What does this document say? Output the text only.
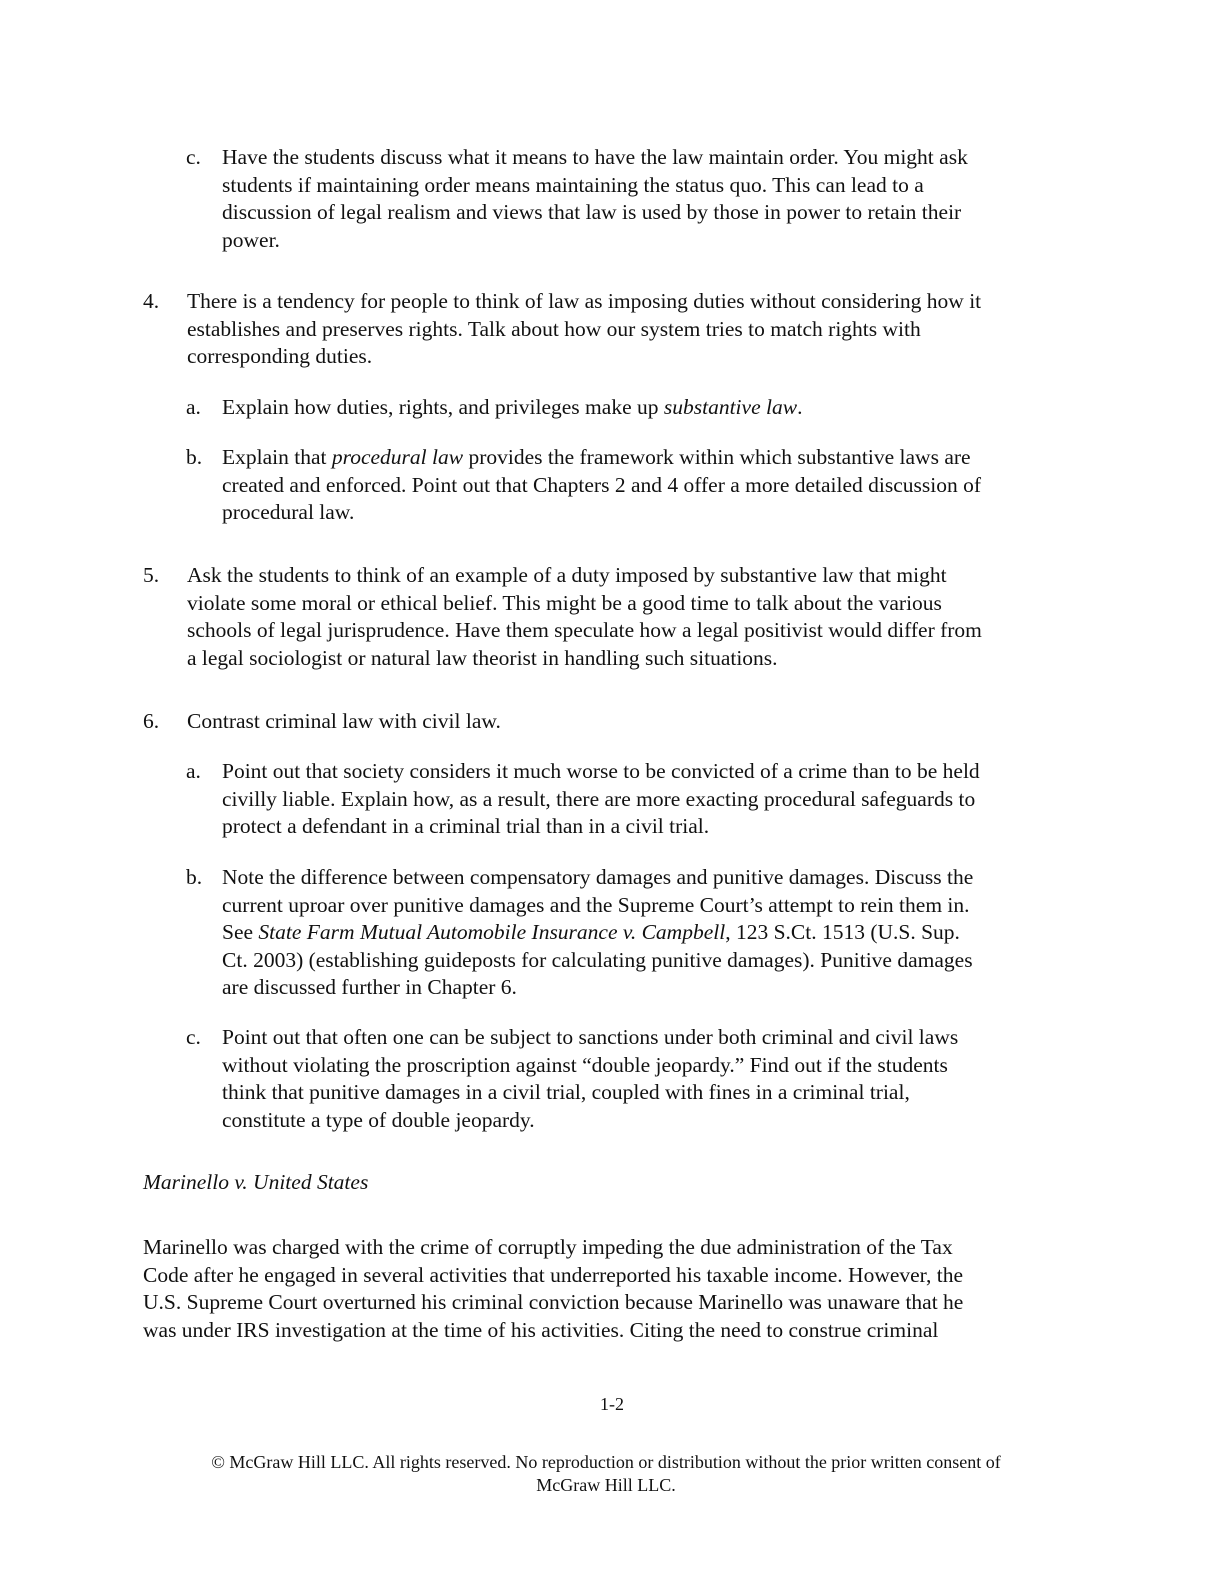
c. Have the students discuss what it means to have the law maintain order. You might ask
students if maintaining order means maintaining the status quo. This can lead to a
discussion of legal realism and views that law is used by those in power to retain their
power.
4. There is a tendency for people to think of law as imposing duties without considering how it
establishes and preserves rights. Talk about how our system tries to match rights with
corresponding duties.
a. Explain how duties, rights, and privileges make up substantive law.
b. Explain that procedural law provides the framework within which substantive laws are
created and enforced. Point out that Chapters 2 and 4 offer a more detailed discussion of
procedural law.
5. Ask the students to think of an example of a duty imposed by substantive law that might
violate some moral or ethical belief. This might be a good time to talk about the various
schools of legal jurisprudence. Have them speculate how a legal positivist would differ from
a legal sociologist or natural law theorist in handling such situations.
6. Contrast criminal law with civil law.
a. Point out that society considers it much worse to be convicted of a crime than to be held
civilly liable. Explain how, as a result, there are more exacting procedural safeguards to
protect a defendant in a criminal trial than in a civil trial.
b. Note the difference between compensatory damages and punitive damages. Discuss the
current uproar over punitive damages and the Supreme Court’s attempt to rein them in.
See State Farm Mutual Automobile Insurance v. Campbell, 123 S.Ct. 1513 (U.S. Sup.
Ct. 2003) (establishing guideposts for calculating punitive damages). Punitive damages
are discussed further in Chapter 6.
c. Point out that often one can be subject to sanctions under both criminal and civil laws
without violating the proscription against “double jeopardy.” Find out if the students
think that punitive damages in a civil trial, coupled with fines in a criminal trial,
constitute a type of double jeopardy.
Marinello v. United States
Marinello was charged with the crime of corruptly impeding the due administration of the Tax
Code after he engaged in several activities that underreported his taxable income. However, the
U.S. Supreme Court overturned his criminal conviction because Marinello was unaware that he
was under IRS investigation at the time of his activities. Citing the need to construe criminal
1-2
© McGraw Hill LLC. All rights reserved. No reproduction or distribution without the prior written consent of
McGraw Hill LLC.
